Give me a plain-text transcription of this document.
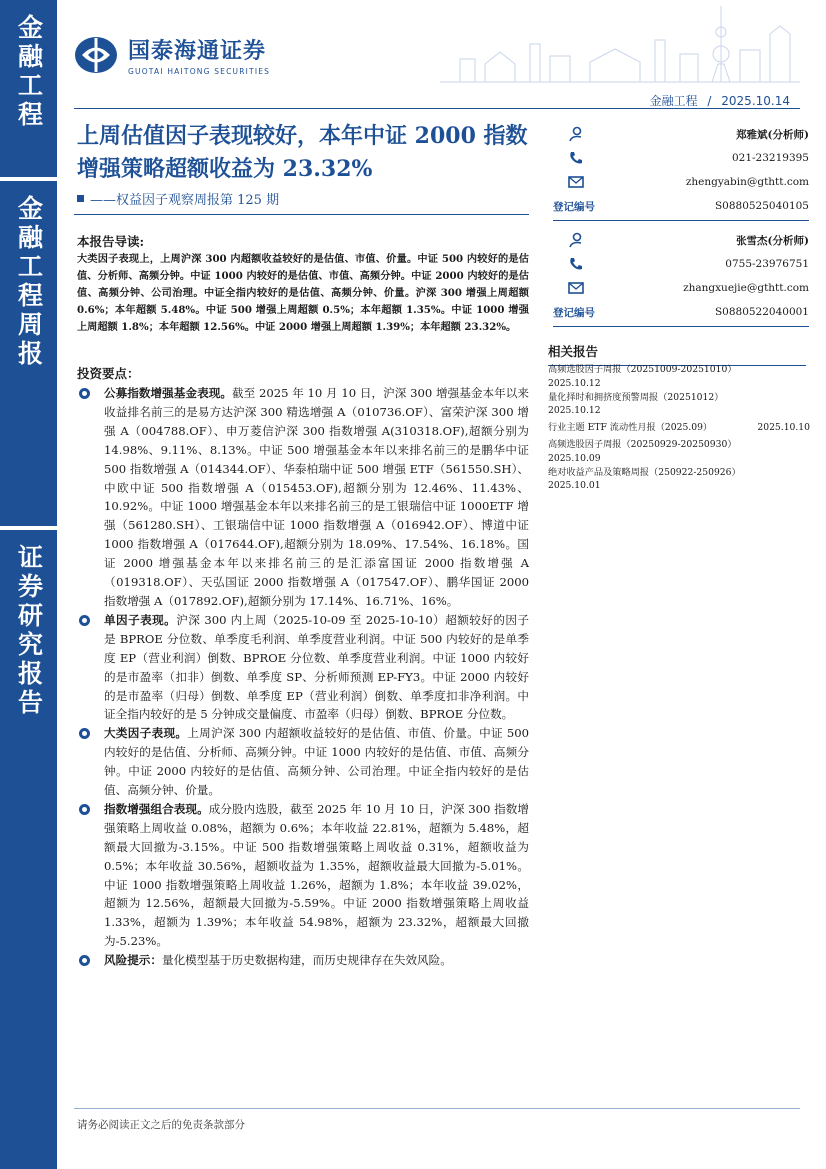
金融工程
金融工程周报
证券研究报告
国泰海通证券
GUOTAI HAITONG SECURITIES
金融工程 / 2025.10.14
上周估值因子表现较好，本年中证 2000 指数增强策略超额收益为 23.32%
——权益因子观察周报第 125 期
本报告导读:

大类因子表现上，上周沪深 300 内超额收益较好的是估值、市值、价量。中证 500 内较好的是估值、分析师、高频分钟。中证 1000 内较好的是估值、市值、高频分钟。中证 2000 内较好的是估值、高频分钟、公司治理。中证全指内较好的是估值、高频分钟、价量。沪深 300 增强上周超额 0.6%；本年超额 5.48%。中证 500 增强上周超额 0.5%；本年超额 1.35%。中证 1000 增强上周超额 1.8%；本年超额 12.56%。中证 2000 增强上周超额 1.39%；本年超额 23.32%。

投资要点：
公募指数增强基金表现。截至 2025 年 10 月 10 日，沪深 300 增强基金本年以来收益排名前三的是易方达沪深 300 精选增强 A（010736.OF）、富荣沪深 300 增强 A（004788.OF）、申万菱信沪深 300 指数增强 A(310318.OF),超额分别为 14.98%、9.11%、8.13%。中证 500 增强基金本年以来排名前三的是鹏华中证 500 指数增强 A（014344.OF）、华泰柏瑞中证 500 增强 ETF（561550.SH）、中欧中证 500 指数增强 A（015453.OF),超额分别为 12.46%、11.43%、10.92%。中证 1000 增强基金本年以来排名前三的是工银瑞信中证 1000ETF 增强（561280.SH）、工银瑞信中证 1000 指数增强 A（016942.OF）、博道中证 1000 指数增强 A（017644.OF),超额分别为 18.09%、17.54%、16.18%。国证 2000 增强基金本年以来排名前三的是汇添富国证 2000 指数增强 A（019318.OF）、天弘国证 2000 指数增强 A（017547.OF）、鹏华国证 2000 指数增强 A（017892.OF),超额分别为 17.14%、16.71%、16%。
单因子表现。沪深 300 内上周（2025-10-09 至 2025-10-10）超额较好的因子是 BPROE 分位数、单季度毛利润、单季度营业利润。中证 500 内较好的是单季度 EP（营业利润）倒数、BPROE 分位数、单季度营业利润。中证 1000 内较好的是市盈率（扣非）倒数、单季度 SP、分析师预测 EP-FY3。中证 2000 内较好的是市盈率（归母）倒数、单季度 EP（营业利润）倒数、单季度扣非净利润。中证全指内较好的是 5 分钟成交量偏度、市盈率（归母）倒数、BPROE 分位数。
大类因子表现。上周沪深 300 内超额收益较好的是估值、市值、价量。中证 500 内较好的是估值、分析师、高频分钟。中证 1000 内较好的是估值、市值、高频分钟。中证 2000 内较好的是估值、高频分钟、公司治理。中证全指内较好的是估值、高频分钟、价量。
指数增强组合表现。成分股内选股，截至 2025 年 10 月 10 日，沪深 300 指数增强策略上周收益 0.08%，超额为 0.6%；本年收益 22.81%，超额为 5.48%，超额最大回撤为-3.15%。中证 500 指数增强策略上周收益 0.31%，超额收益为 0.5%；本年收益 30.56%，超额收益为 1.35%，超额收益最大回撤为-5.01%。中证 1000 指数增强策略上周收益 1.26%，超额为 1.8%；本年收益 39.02%，超额为 12.56%，超额最大回撤为-5.59%。中证 2000 指数增强策略上周收益 1.33%，超额为 1.39%；本年收益 54.98%，超额为 23.32%，超额最大回撤为-5.23%。
风险提示：量化模型基于历史数据构建，而历史规律存在失效风险。
郑雅斌(分析师)
021-23219395
zhengyabin@gthtt.com
登记编号	S0880525040105
张雪杰(分析师)
0755-23976751
zhangxuejie@gthtt.com
登记编号	S0880522040001
相关报告
高频选股因子周报（20251009-20251010）
2025.10.12
量化择时和拥挤度预警周报（20251012）
2025.10.12
行业主题 ETF 流动性月报（2025.09）	2025.10.10
高频选股因子周报（20250929-20250930）
2025.10.09
绝对收益产品及策略周报（250922-250926）
2025.10.01
请务必阅读正文之后的免责条款部分
